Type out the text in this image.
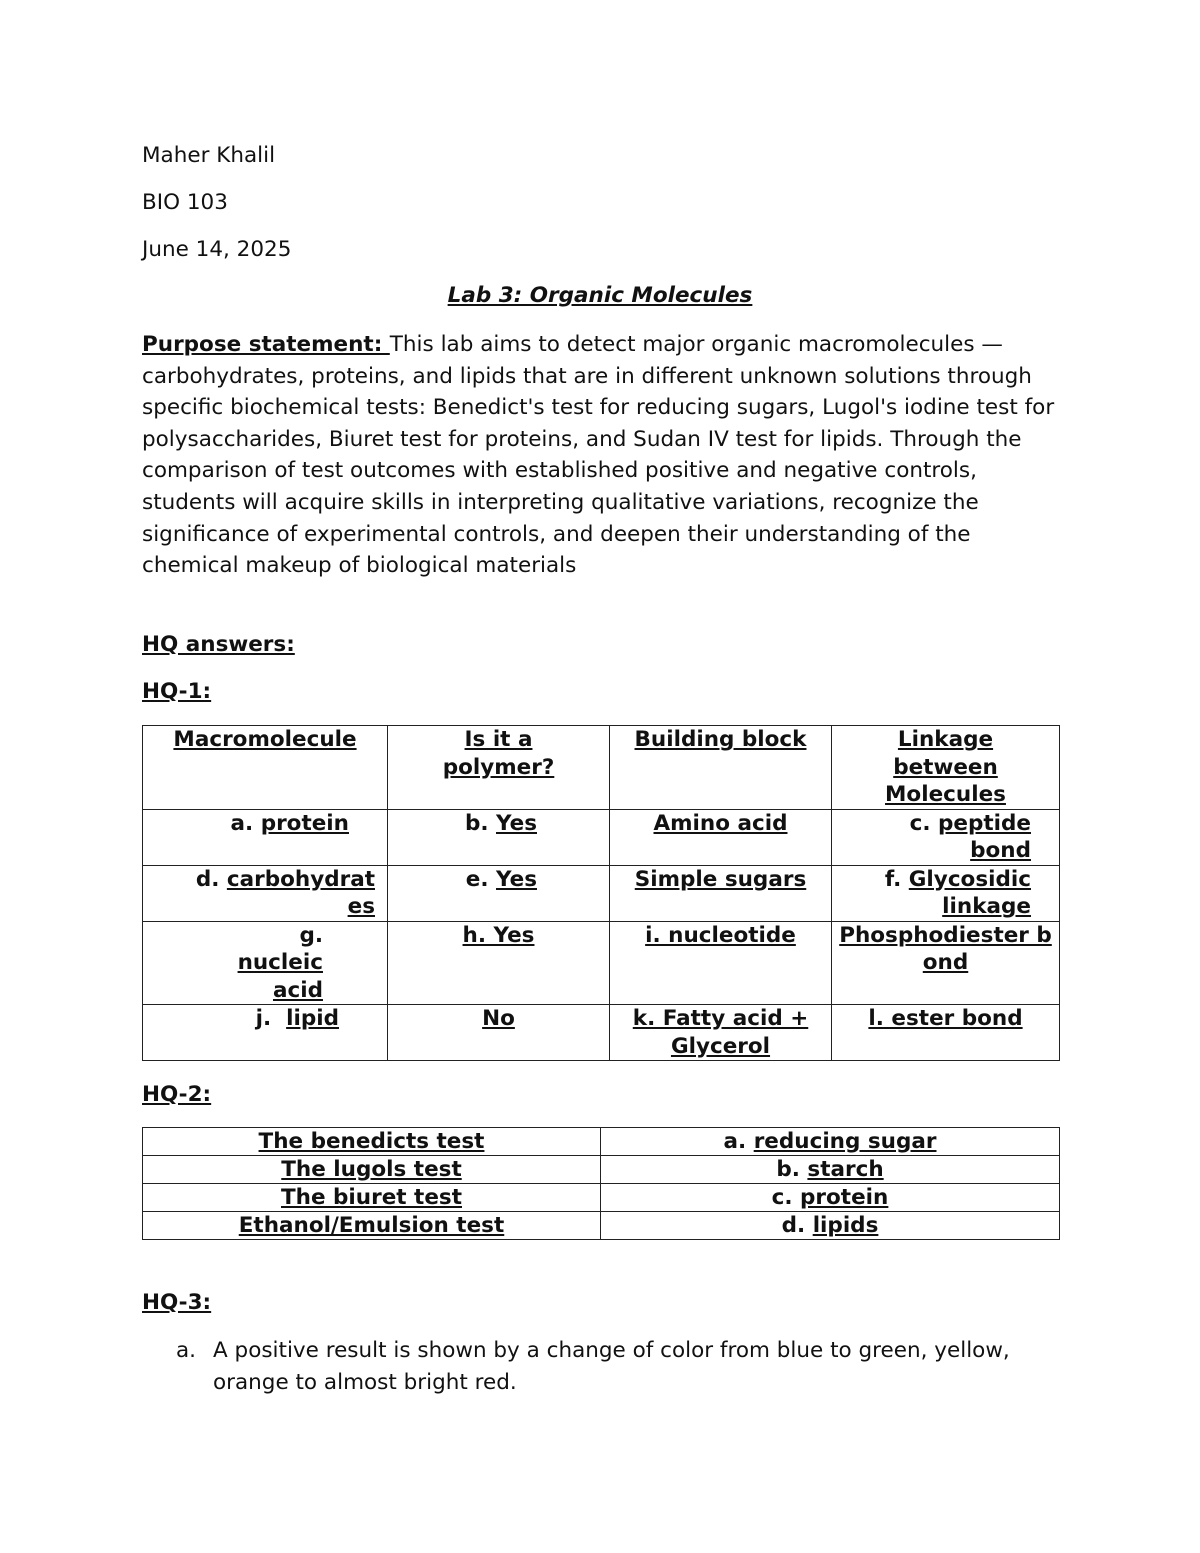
Maher Khalil
BIO 103
June 14, 2025
Lab 3: Organic Molecules
Purpose statement: This lab aims to detect major organic macromolecules —carbohydrates, proteins, and lipids that are in different unknown solutions through specific biochemical tests: Benedict's test for reducing sugars, Lugol's iodine test for polysaccharides, Biuret test for proteins, and Sudan IV test for lipids. Through the comparison of test outcomes with established positive and negative controls, students will acquire skills in interpreting qualitative variations, recognize the significance of experimental controls, and deepen their understanding of the chemical makeup of biological materials
HQ answers:
HQ-1:
Macromolecule	Is it a polymer?	Building block	Linkage between Molecules
a. protein	b. Yes	Amino acid	c. peptide bond
d. carbohydrates	e. Yes	Simple sugars	f. Glycosidic linkage
g. nucleic acid	h. Yes	i. nucleotide	Phosphodiester bond
j. lipid	No	k. Fatty acid + Glycerol	l. ester bond
HQ-2:
The benedicts test	a. reducing sugar
The lugols test	b. starch
The biuret test	c. protein
Ethanol/Emulsion test	d. lipids
HQ-3:
a. A positive result is shown by a change of color from blue to green, yellow, orange to almost bright red.
